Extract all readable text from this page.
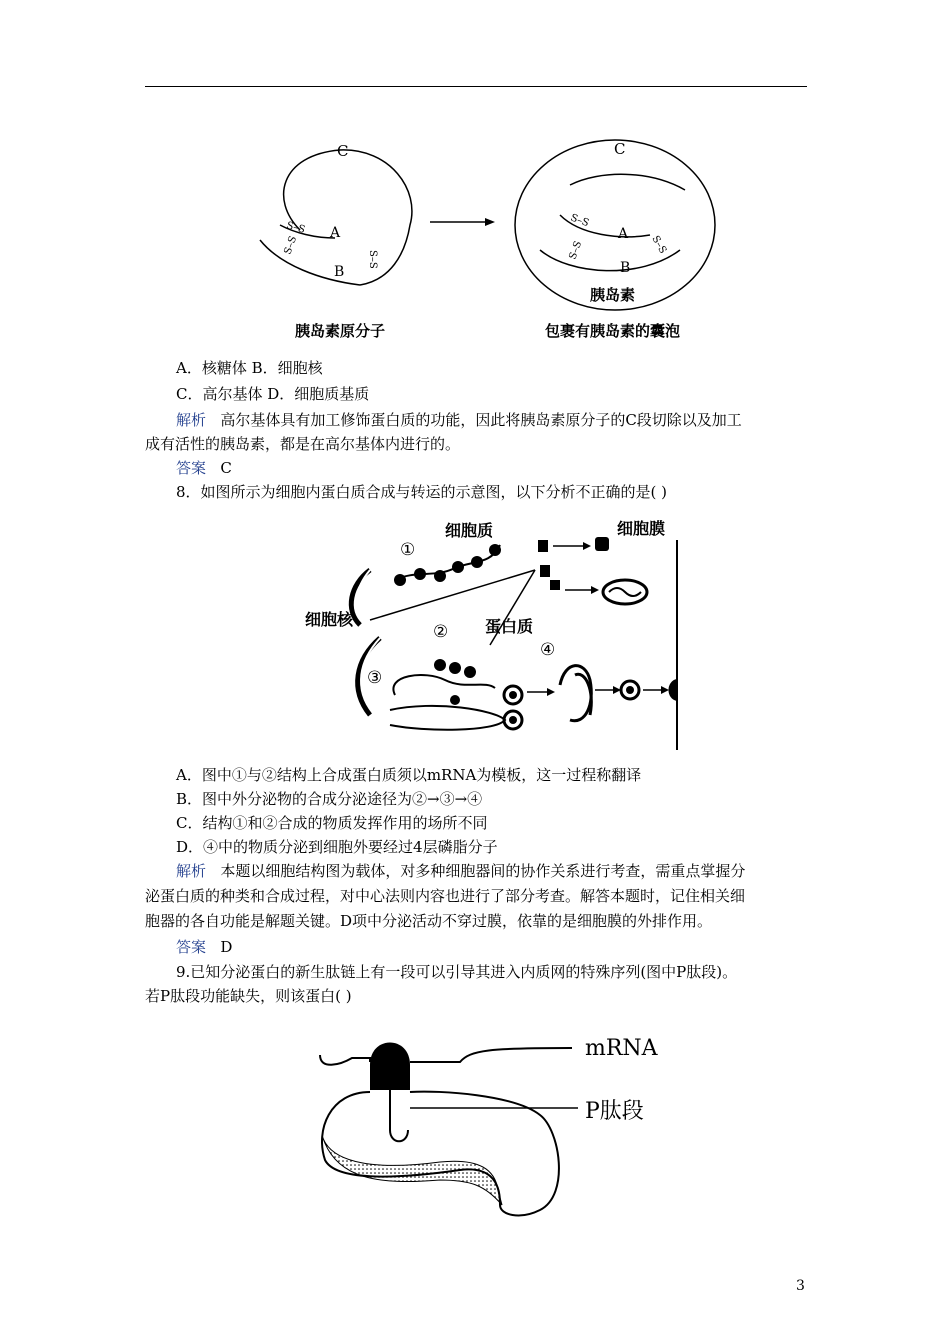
C
A
B
S–S
S–S
S–S
胰岛素原分子
C
A
B
S–S
S–S	S–S
胰岛素
包裹有胰岛素的囊泡
A．核糖体 B．细胞核
C．高尔基体 D．细胞质基质
解析 高尔基体具有加工修饰蛋白质的功能，因此将胰岛素原分子的C段切除以及加工
成有活性的胰岛素，都是在高尔基体内进行的。
答案 C
8．如图所示为细胞内蛋白质合成与转运的示意图，以下分析不正确的是( )
细胞质	细胞膜
细胞核	蛋白质
①
②
③
④
A．图中①与②结构上合成蛋白质须以mRNA为模板，这一过程称翻译
B．图中外分泌物的合成分泌途径为②→③→④
C．结构①和②合成的物质发挥作用的场所不同
D．④中的物质分泌到细胞外要经过4层磷脂分子
解析 本题以细胞结构图为载体，对多种细胞器间的协作关系进行考查，需重点掌握分
泌蛋白质的种类和合成过程，对中心法则内容也进行了部分考查。解答本题时，记住相关细
胞器的各自功能是解题关键。D项中分泌活动不穿过膜，依靠的是细胞膜的外排作用。
答案 D
9.已知分泌蛋白的新生肽链上有一段可以引导其进入内质网的特殊序列(图中P肽段)。
若P肽段功能缺失，则该蛋白( )
mRNA
P肽段
3
